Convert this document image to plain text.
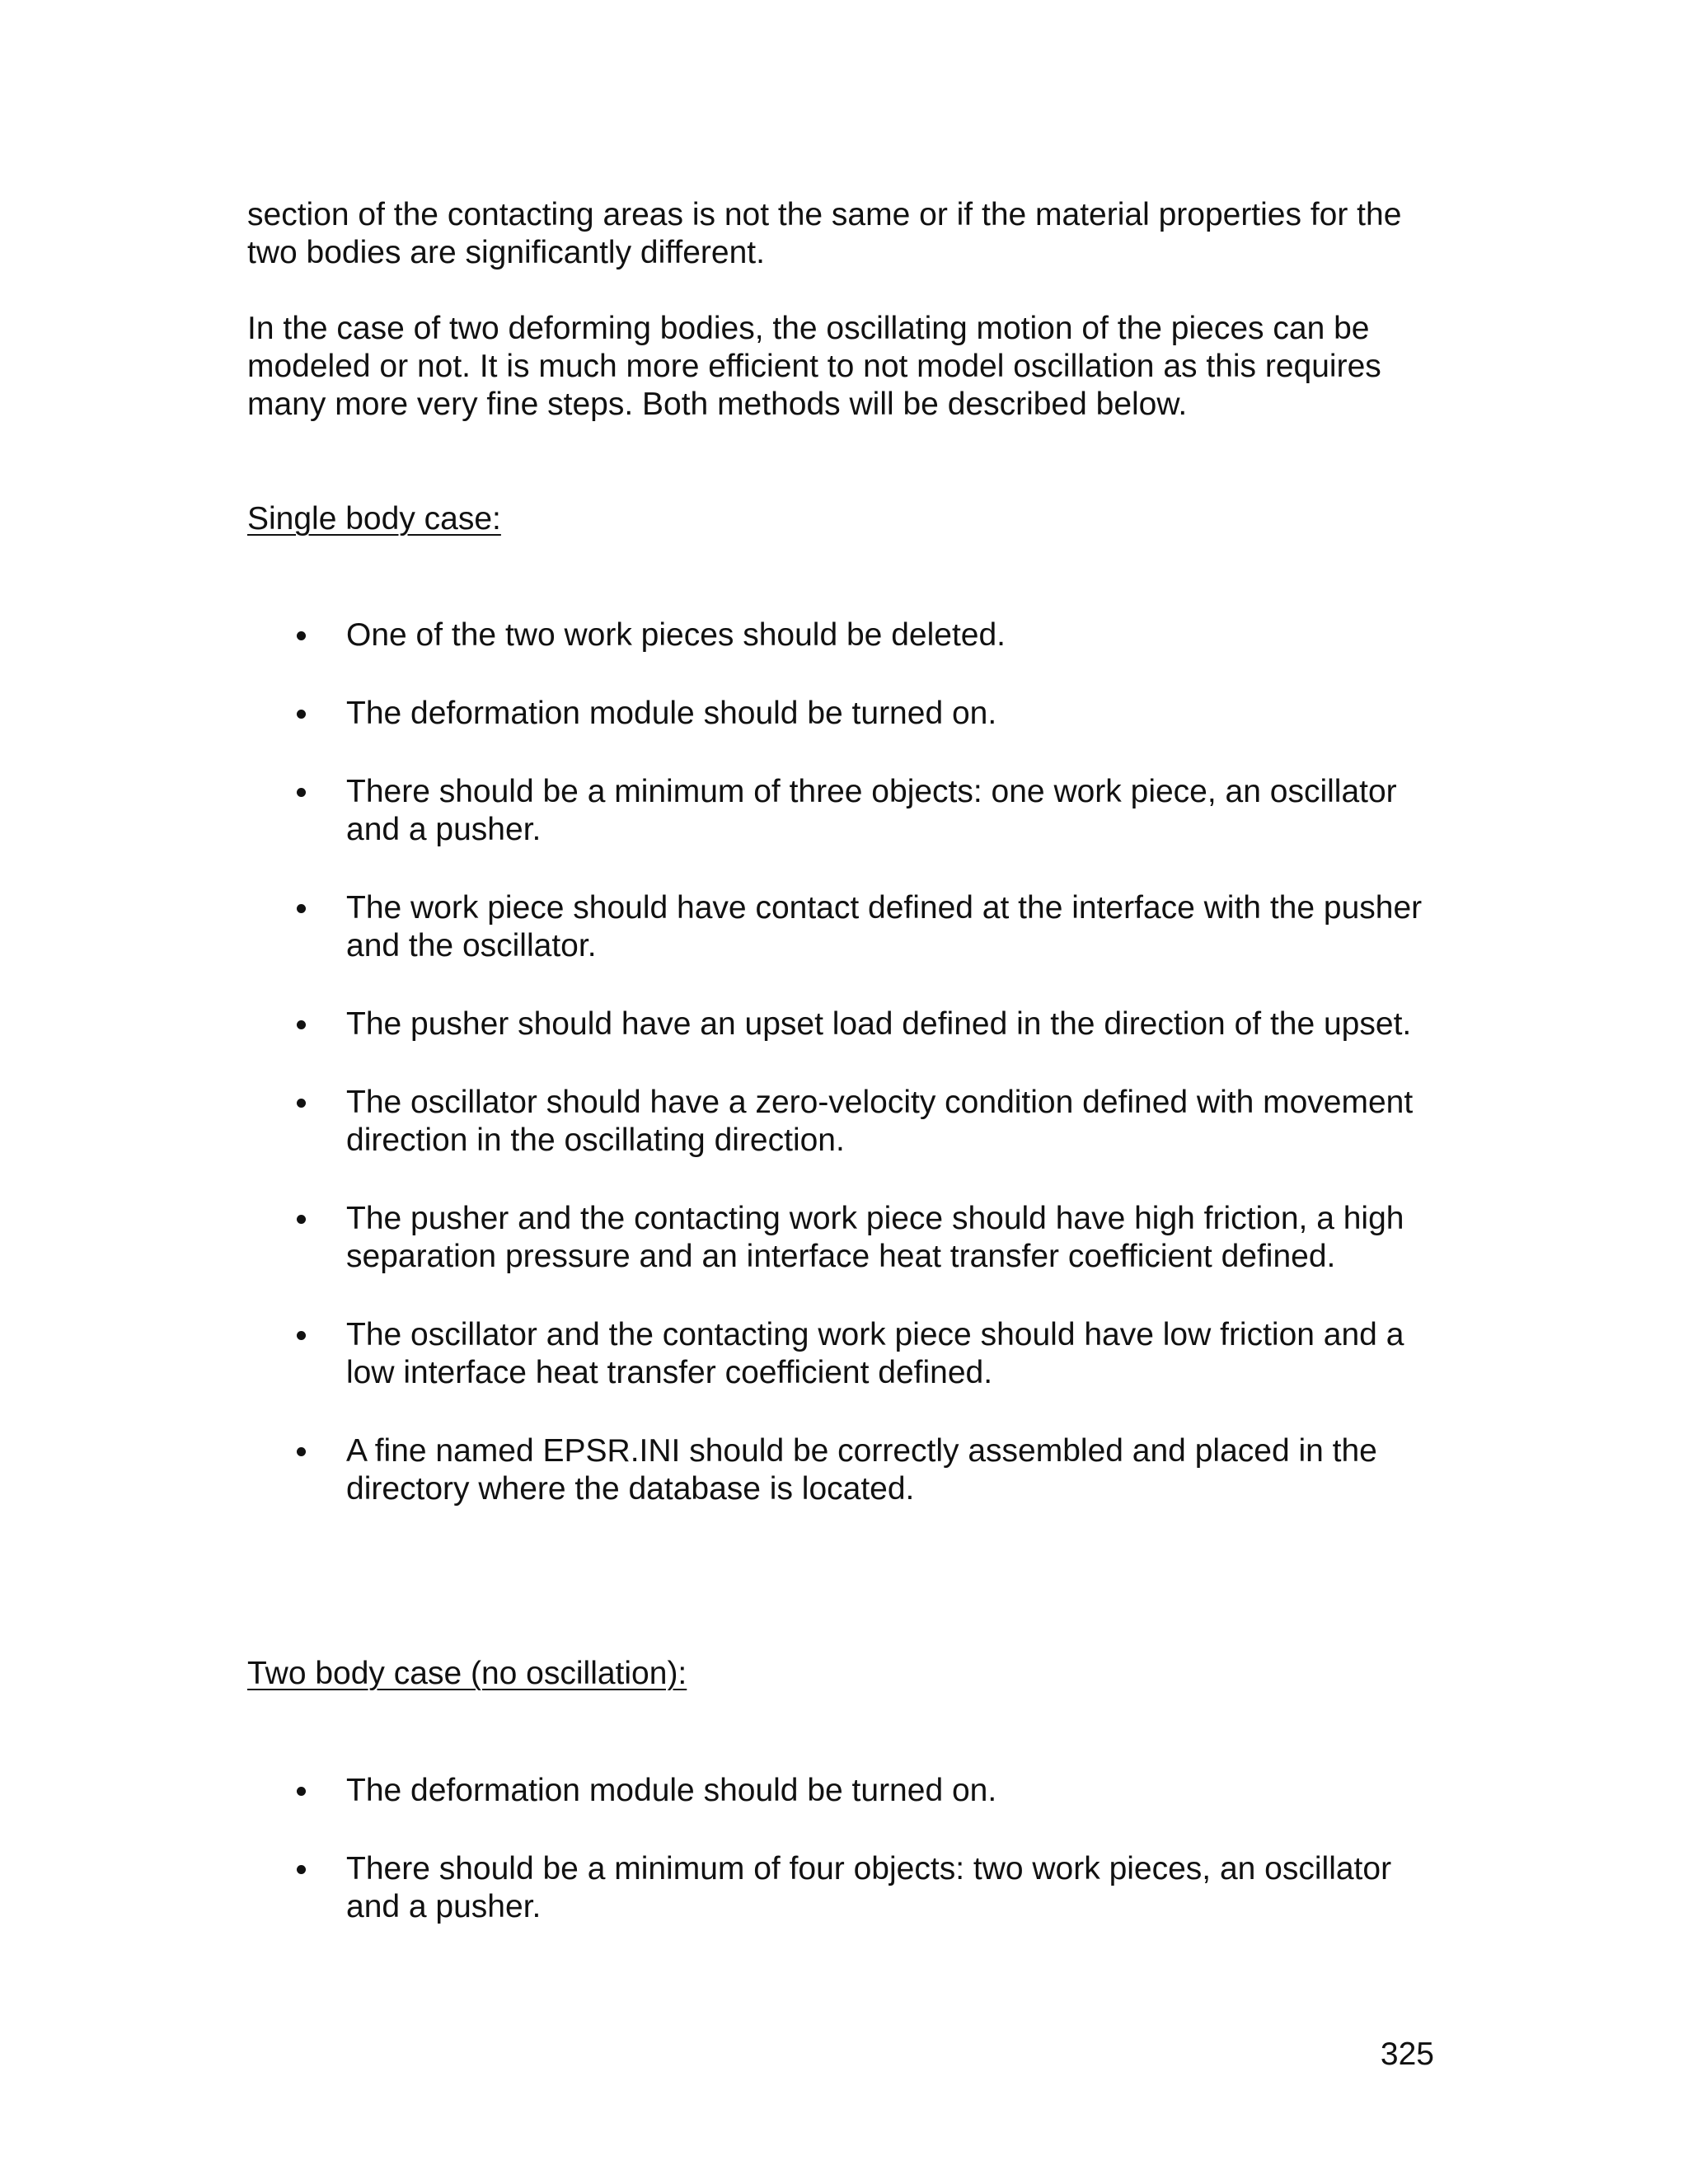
section of the contacting areas is not the same or if the material properties for the two bodies are significantly different.

In the case of two deforming bodies, the oscillating motion of the pieces can be modeled or not. It is much more efficient to not model oscillation as this requires many more very fine steps. Both methods will be described below.

Single body case:
One of the two work pieces should be deleted.
The deformation module should be turned on.
There should be a minimum of three objects: one work piece, an oscillator and a pusher.
The work piece should have contact defined at the interface with the pusher and the oscillator.
The pusher should have an upset load defined in the direction of the upset.
The oscillator should have a zero-velocity condition defined with movement direction in the oscillating direction.
The pusher and the contacting work piece should have high friction, a high separation pressure and an interface heat transfer coefficient defined.
The oscillator and the contacting work piece should have low friction and a low interface heat transfer coefficient defined.
A fine named EPSR.INI should be correctly assembled and placed in the directory where the database is located.
Two body case (no oscillation):
The deformation module should be turned on.
There should be a minimum of four objects: two work pieces, an oscillator and a pusher.
325
